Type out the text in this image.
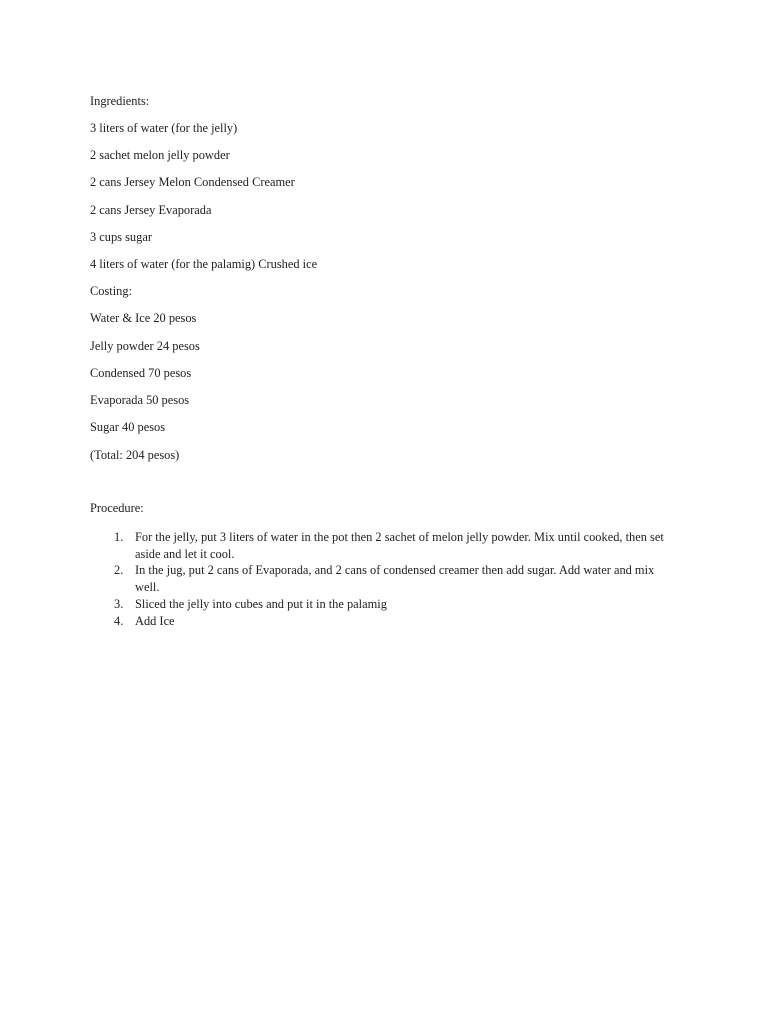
Ingredients:
3 liters of water (for the jelly)
2 sachet melon jelly powder
2 cans Jersey Melon Condensed Creamer
2 cans Jersey Evaporada
3 cups sugar
4 liters of water (for the palamig) Crushed ice
Costing:
Water & Ice 20 pesos
Jelly powder 24 pesos
Condensed 70 pesos
Evaporada 50 pesos
Sugar 40 pesos
(Total: 204 pesos)
Procedure:
1. For the jelly, put 3 liters of water in the pot then 2 sachet of melon jelly powder. Mix until cooked, then set aside and let it cool.
2. In the jug, put 2 cans of Evaporada, and 2 cans of condensed creamer then add sugar. Add water and mix well.
3. Sliced the jelly into cubes and put it in the palamig
4. Add Ice
